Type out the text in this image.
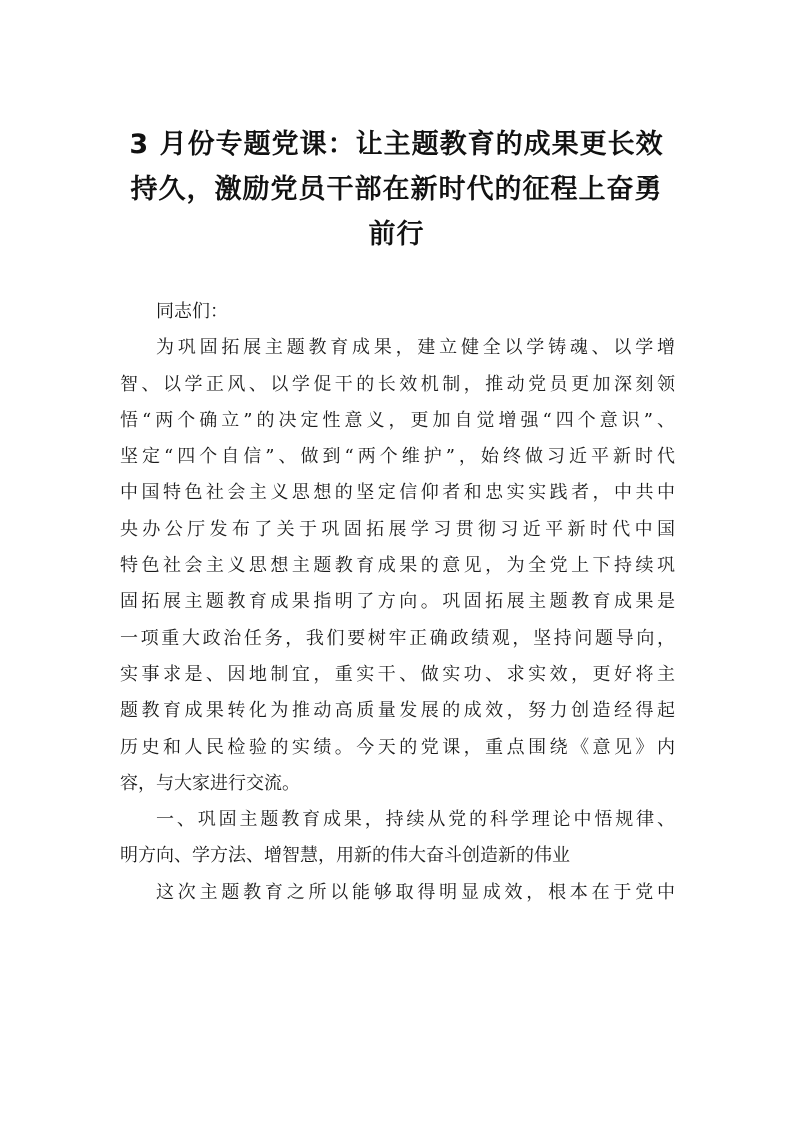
3 月份专题党课：让主题教育的成果更长效
持久，激励党员干部在新时代的征程上奋勇
前行

同志们：

为巩固拓展主题教育成果，建立健全以学铸魂、以学增
智、以学正风、以学促干的长效机制，推动党员更加深刻领
悟“两个确立”的决定性意义，更加自觉增强“四个意识”、
坚定“四个自信”、做到“两个维护”，始终做习近平新时代
中国特色社会主义思想的坚定信仰者和忠实实践者，中共中
央办公厅发布了关于巩固拓展学习贯彻习近平新时代中国
特色社会主义思想主题教育成果的意见，为全党上下持续巩
固拓展主题教育成果指明了方向。巩固拓展主题教育成果是
一项重大政治任务，我们要树牢正确政绩观，坚持问题导向，
实事求是、因地制宜，重实干、做实功、求实效，更好将主
题教育成果转化为推动高质量发展的成效，努力创造经得起
历史和人民检验的实绩。今天的党课，重点围绕《意见》内
容，与大家进行交流。

一、巩固主题教育成果，持续从党的科学理论中悟规律、
明方向、学方法、增智慧，用新的伟大奋斗创造新的伟业

这次主题教育之所以能够取得明显成效，根本在于党中
